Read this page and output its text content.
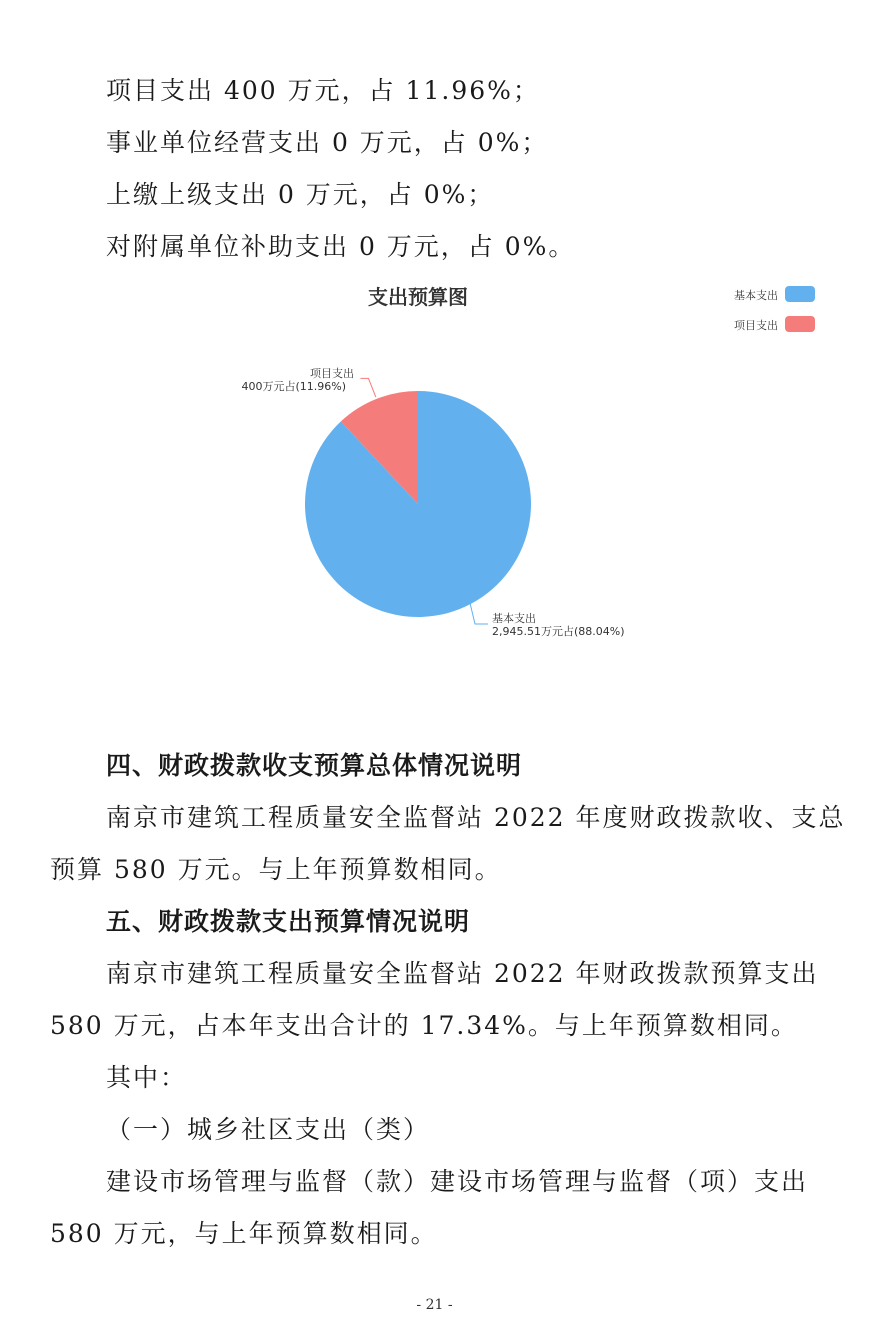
项目支出 400 万元，占 11.96%；
事业单位经营支出 0 万元，占 0%；
上缴上级支出 0 万元，占 0%；
对附属单位补助支出 0 万元，占 0%。
支出预算图	基本支出
项目支出
项目支出
400万元占(11.96%)
基本支出
2,945.51万元占(88.04%)
四、财政拨款收支预算总体情况说明
南京市建筑工程质量安全监督站 2022 年度财政拨款收、支总
预算 580 万元。与上年预算数相同。
五、财政拨款支出预算情况说明
南京市建筑工程质量安全监督站 2022 年财政拨款预算支出
580 万元，占本年支出合计的 17.34%。与上年预算数相同。
其中：
（一）城乡社区支出（类）
建设市场管理与监督（款）建设市场管理与监督（项）支出
580 万元，与上年预算数相同。
- 21 -
